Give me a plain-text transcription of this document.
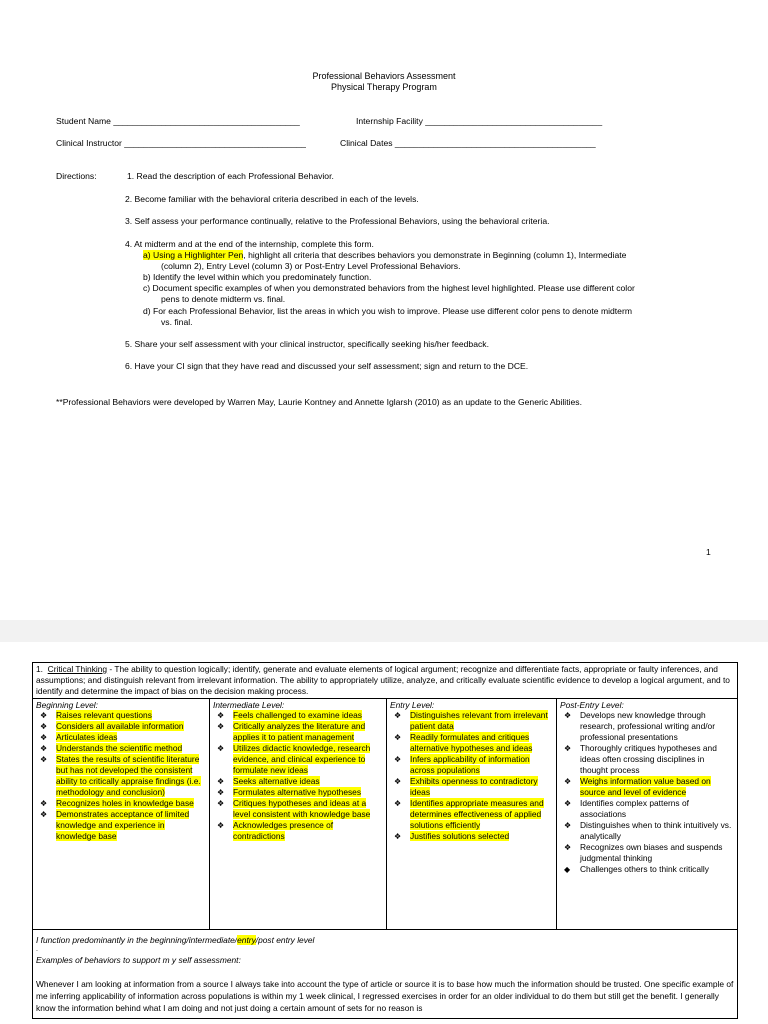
Professional Behaviors Assessment
Physical Therapy Program
Student Name _______________________________________	Internship Facility _____________________________________
Clinical Instructor ______________________________________	Clinical Dates __________________________________________
Directions:	1. Read the description of each Professional Behavior.
2. Become familiar with the behavioral criteria described in each of the levels.
3. Self assess your performance continually, relative to the Professional Behaviors, using the behavioral criteria.
4. At midterm and at the end of the internship, complete this form.
a) Using a Highlighter Pen, highlight all criteria that describes behaviors you demonstrate in Beginning (column 1), Intermediate
(column 2), Entry Level (column 3) or Post-Entry Level Professional Behaviors.
b) Identify the level within which you predominately function.
c) Document specific examples of when you demonstrated behaviors from the highest level highlighted. Please use different color
pens to denote midterm vs. final.
d) For each Professional Behavior, list the areas in which you wish to improve. Please use different color pens to denote midterm
vs. final.
5. Share your self assessment with your clinical instructor, specifically seeking his/her feedback.
6. Have your CI sign that they have read and discussed your self assessment; sign and return to the DCE.
**Professional Behaviors were developed by Warren May, Laurie Kontney and Annette Iglarsh (2010) as an update to the Generic Abilities.
1
1. Critical Thinking - The ability to question logically; identify, generate and evaluate elements of logical argument; recognize and differentiate facts, appropriate or faulty inferences, and assumptions; and distinguish relevant from irrelevant information. The ability to appropriately utilize, analyze, and critically evaluate scientific evidence to develop a logical argument, and to identify and determine the impact of bias on the decision making process.

Beginning Level:
❖ Raises relevant questions
❖ Considers all available information
❖ Articulates ideas
❖ Understands the scientific method
❖ States the results of scientific literature but has not developed the consistent ability to critically appraise findings (i.e. methodology and conclusion)
❖ Recognizes holes in knowledge base
❖ Demonstrates acceptance of limited knowledge and experience in knowledge base

Intermediate Level:
❖ Feels challenged to examine ideas
❖ Critically analyzes the literature and applies it to patient management
❖ Utilizes didactic knowledge, research evidence, and clinical experience to formulate new ideas
❖ Seeks alternative ideas
❖ Formulates alternative hypotheses
❖ Critiques hypotheses and ideas at a level consistent with knowledge base
❖ Acknowledges presence of contradictions

Entry Level:
❖ Distinguishes relevant from irrelevant patient data
❖ Readily formulates and critiques alternative hypotheses and ideas
❖ Infers applicability of information across populations
❖ Exhibits openness to contradictory ideas
❖ Identifies appropriate measures and determines effectiveness of applied solutions efficiently
❖ Justifies solutions selected

Post-Entry Level:
❖ Develops new knowledge through research, professional writing and/or professional presentations
❖ Thoroughly critiques hypotheses and ideas often crossing disciplines in thought process
❖ Weighs information value based on source and level of evidence
❖ Identifies complex patterns of associations
❖ Distinguishes when to think intuitively vs. analytically
❖ Recognizes own biases and suspends judgmental thinking
◆ Challenges others to think critically

I function predominantly in the beginning/intermediate/entry/post entry level
.
Examples of behaviors to support m y self assessment:
Whenever I am looking at information from a source I always take into account the type of article or source it is to base how much the information should be trusted. One specific example of me inferring applicability of information across populations is within my 1 week clinical, I regressed exercises in order for an older individual to do them but still get the benefit. I generally know the information behind what I am doing and not just doing a certain amount of sets for no reason is
